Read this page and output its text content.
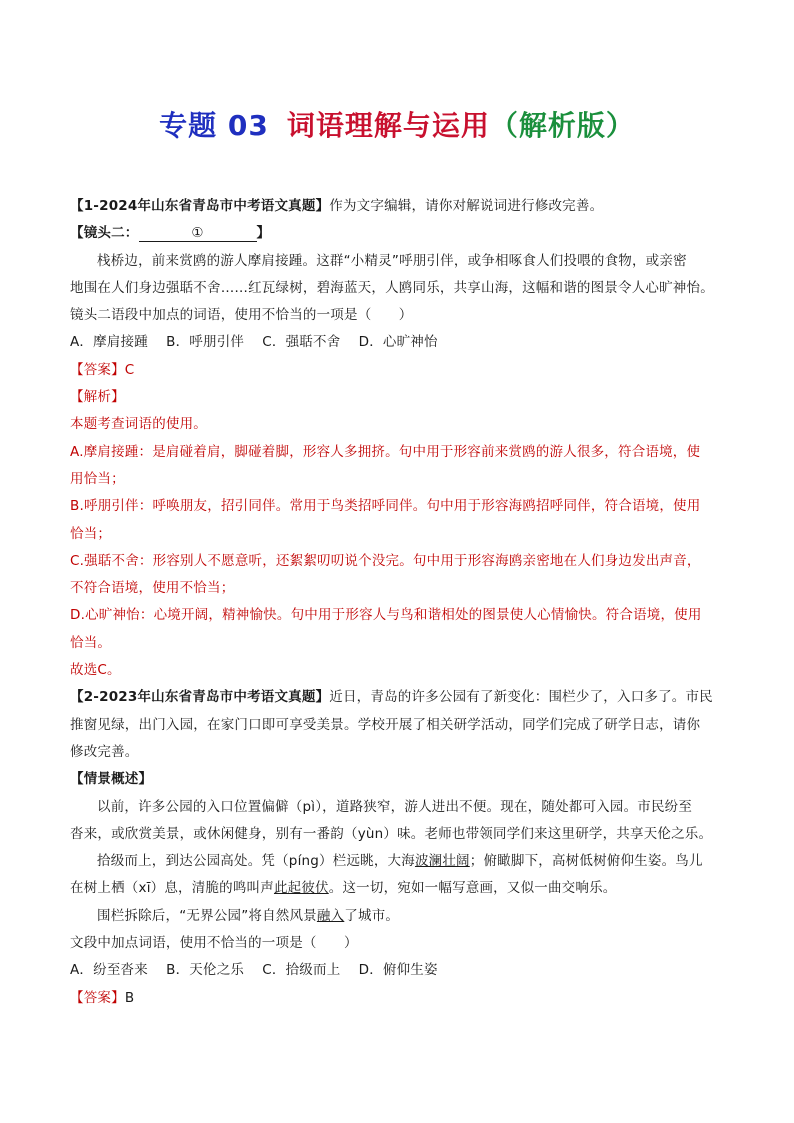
专题 03 词语理解与运用（解析版）
【1-2024年山东省青岛市中考语文真题】作为文字编辑，请你对解说词进行修改完善。
【镜头二：	①	】
栈桥边，前来赏鸥的游人摩肩接踵。这群“小精灵”呼朋引伴，或争相啄食人们投喂的食物，或亲密
地围在人们身边强聒不舍……红瓦绿树，碧海蓝天，人鸥同乐，共享山海，这幅和谐的图景令人心旷神怡。
镜头二语段中加点的词语，使用不恰当的一项是（　　）
A．摩肩接踵　 B．呼朋引伴　 C．强聒不舍　 D．心旷神怡
【答案】C
【解析】
本题考查词语的使用。
A.摩肩接踵：是肩碰着肩，脚碰着脚，形容人多拥挤。句中用于形容前来赏鸥的游人很多，符合语境，使
用恰当；
B.呼朋引伴：呼唤朋友，招引同伴。常用于鸟类招呼同伴。句中用于形容海鸥招呼同伴，符合语境，使用
恰当；
C.强聒不舍：形容别人不愿意听，还絮絮叨叨说个没完。句中用于形容海鸥亲密地在人们身边发出声音，
不符合语境，使用不恰当；
D.心旷神怡：心境开阔，精神愉快。句中用于形容人与鸟和谐相处的图景使人心情愉快。符合语境，使用
恰当。
故选C。
【2-2023年山东省青岛市中考语文真题】近日，青岛的许多公园有了新变化：围栏少了，入口多了。市民
推窗见绿，出门入园，在家门口即可享受美景。学校开展了相关研学活动，同学们完成了研学日志，请你
修改完善。
【情景概述】
以前，许多公园的入口位置偏僻（pì），道路狭窄，游人进出不便。现在，随处都可入园。市民纷至
沓来，或欣赏美景，或休闲健身，别有一番韵（yùn）味。老师也带领同学们来这里研学，共享天伦之乐。
拾级而上，到达公园高处。凭（píng）栏远眺，大海波澜壮阔；俯瞰脚下，高树低树俯仰生姿。鸟儿
在树上栖（xī）息，清脆的鸣叫声此起彼伏。这一切，宛如一幅写意画，又似一曲交响乐。
围栏拆除后，“无界公园”将自然风景融入了城市。
文段中加点词语，使用不恰当的一项是（　　）
A．纷至沓来　 B．天伦之乐　 C．拾级而上　 D．俯仰生姿
【答案】B
